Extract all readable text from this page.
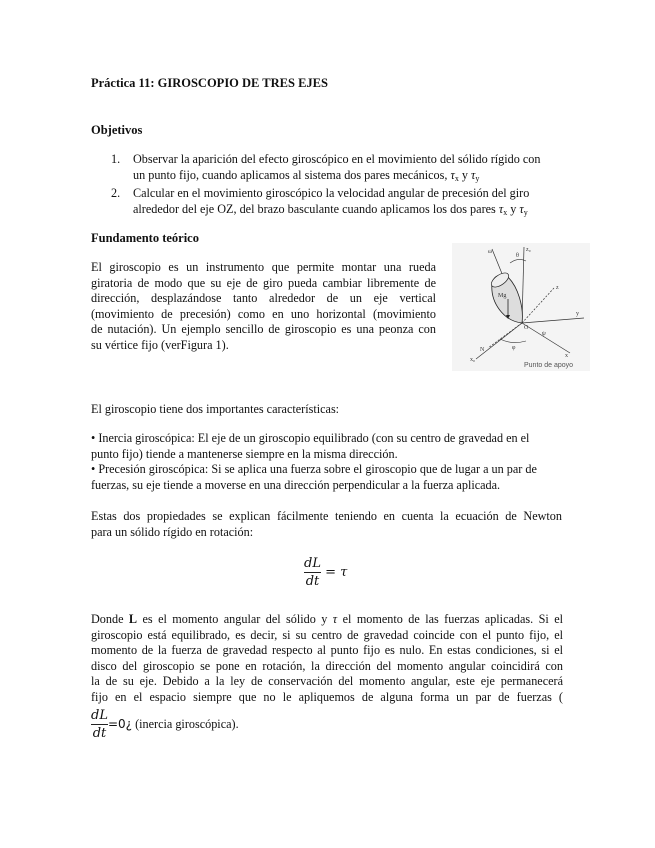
Práctica 11: GIROSCOPIO DE TRES EJES
Objetivos
1. Observar la aparición del efecto giroscópico en el movimiento del sólido rígido con
un punto fijo, cuando aplicamos al sistema dos pares mecánicos, $\tau_x$ y $\tau_y$
2. Calcular en el movimiento giroscópico la velocidad angular de precesión del giro
alrededor del eje OZ, del brazo basculante cuando aplicamos los dos pares $\tau_x$ y $\tau_y$
Fundamento teórico
El giroscopio es un instrumento que permite montar una rueda
giratoria de modo que su eje de giro pueda cambiar libremente de
dirección, desplazándose tanto alrededor de un eje vertical
(movimiento de precesión) como en uno horizontal (movimiento
de nutación). Un ejemplo sencillo de giroscopio es una peonza con
su vértice fijo (verFigura 1).
z₀
z
y
x₀
x
N
Mg
ω
θ
φ
ψ
O
Punto de apoyo
El giroscopio tiene dos importantes características:
• Inercia giroscópica: El eje de un giroscopio equilibrado (con su centro de gravedad en el
punto fijo) tiende a mantenerse siempre en la misma dirección.
• Precesión giroscópica: Si se aplica una fuerza sobre el giroscopio que de lugar a un par de
fuerzas, su eje tiende a moverse en una dirección perpendicular a la fuerza aplicada.
Estas dos propiedades se explican fácilmente teniendo en cuenta la ecuación de Newton
para un sólido rígido en rotación:
$\frac{dL}{dt} = \tau$
Donde L es el momento angular del sólido y τ el momento de las fuerzas aplicadas. Si el
giroscopio está equilibrado, es decir, si su centro de gravedad coincide con el punto fijo, el
momento de la fuerza de gravedad respecto al punto fijo es nulo. En estas condiciones, si el
disco del giroscopio se pone en rotación, la dirección del momento angular coincidirá con
la de su eje. Debido a la ley de conservación del momento angular, este eje permanecerá
fijo en el espacio siempre que no le apliquemos de alguna forma un par de fuerzas (
$\frac{dL}{dt}$ =0¿ (inercia giroscópica).
